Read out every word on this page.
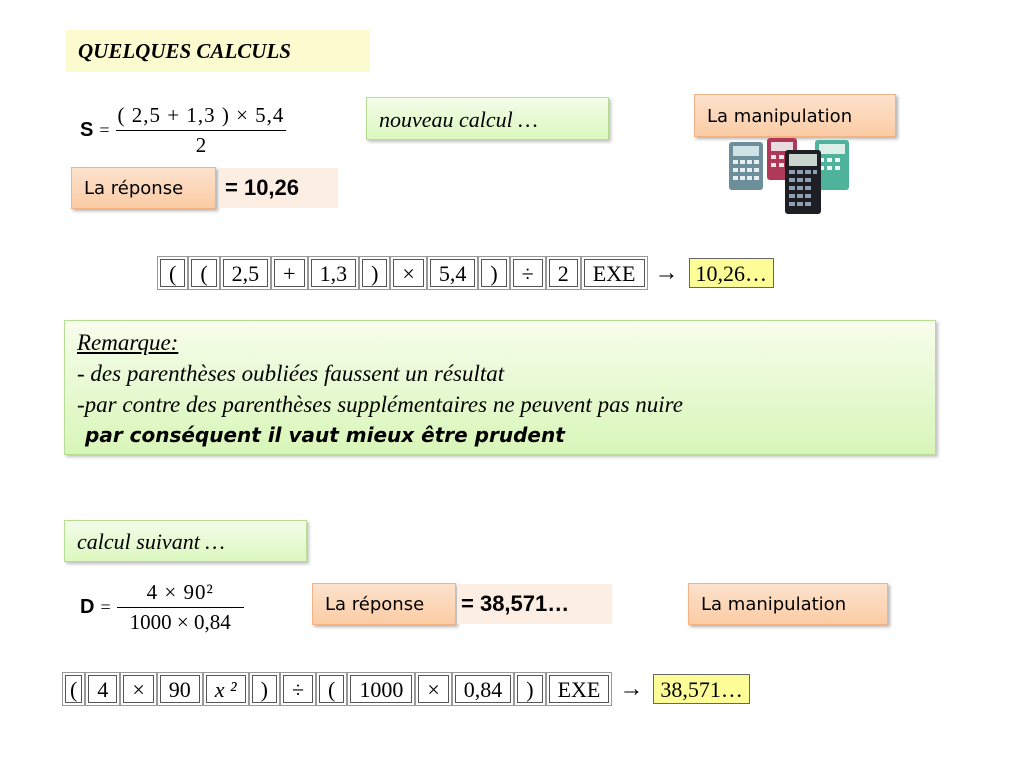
QUELQUES CALCULS
$S = \frac{( 2,5 + 1,3 ) \times 5,4}{2}$	nouveau calcul …	La manipulation
La réponse	= 10,26
(	(	2,5	+	1,3	)	×	5,4	)	÷	2	EXE → 10,26…
Remarque:
- des parenthèses oubliées faussent un résultat
-par contre des parenthèses supplémentaires ne peuvent pas nuire
par conséquent il vaut mieux être prudent
calcul suivant …
$D = \frac{\text{4 × 90²}}{1000 \times 0,84}$	La réponse	= 38,571…	La manipulation
( 4	×	90	x ²	)	÷	(	1000	×	0,84	)	EXE → 38,571…
